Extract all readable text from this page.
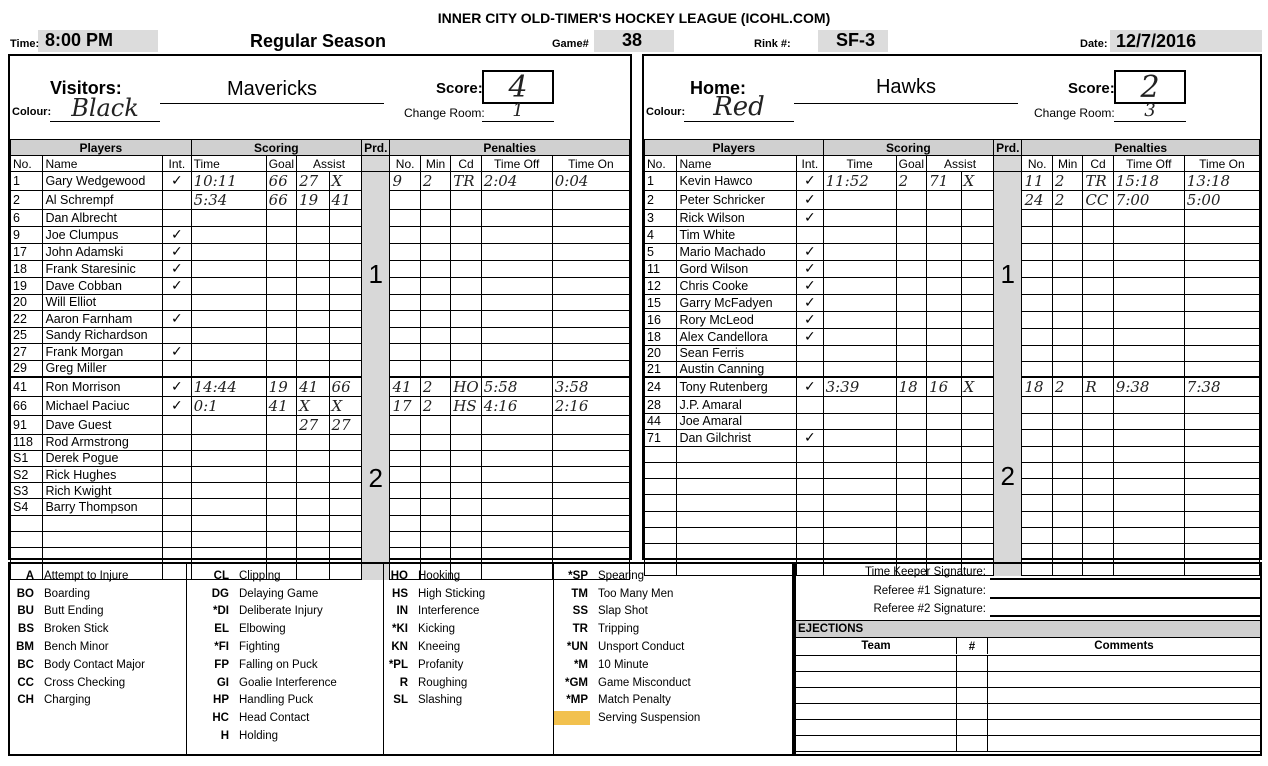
INNER CITY OLD-TIMER'S HOCKEY LEAGUE (ICOHL.COM)
Time: 8:00 PM	Regular Season	Game# 38	Rink #:	SF-3	Date: 12/7/2016
Visitors:	Mavericks	Score: 4
Colour: Black	Change Room:	1
Players			Scoring				Prd.	Penalties				
No.	Name	Int.	Time	Goal	Assist			No.	Min	Cd	Time Off	Time On
1	Gary Wedgewood	✓	10:11	66	27	X	1	9	2	TR	2:04	0:04
2	Al Schrempf		5:34	66	19	41						
6	Dan Albrecht											
9	Joe Clumpus	✓										
17	John Adamski	✓										
18	Frank Staresinic	✓										
19	Dave Cobban	✓										
20	Will Elliot											
22	Aaron Farnham	✓										
25	Sandy Richardson											
27	Frank Morgan	✓										
29	Greg Miller											
41	Ron Morrison	✓	14:44	19	41	66	2	41	2	HO	5:58	3:58
66	Michael Paciuc	✓	0:1	41	X	X		17	2	HS	4:16	2:16
91	Dave Guest				27	27						
118	Rod Armstrong											
S1	Derek Pogue											
S2	Rick Hughes											
S3	Rich Kwight											
S4	Barry Thompson											

Home:	Hawks	Score: 2
Colour:	Red	Change Room:	3
Players			Scoring				Prd.	Penalties				
No.	Name	Int.	Time	Goal	Assist			No.	Min	Cd	Time Off	Time On
1	Kevin Hawco	✓	11:52	2	71	X	1	11	2	TR	15:18	13:18
2	Peter Schricker	✓						24	2	CC	7:00	5:00
3	Rick Wilson	✓										
4	Tim White											
5	Mario Machado	✓										
11	Gord Wilson	✓										
12	Chris Cooke	✓										
15	Garry McFadyen	✓										
16	Rory McLeod	✓										
18	Alex Candellora	✓										
20	Sean Ferris											
21	Austin Canning											
24	Tony Rutenberg	✓	3:39	18	16	X	2	18	2	R	9:38	7:38
28	J.P. Amaral											
44	Joe Amaral											
71	Dan Gilchrist	✓										

A Attempt to Injure
BO Boarding
BU Butt Ending
BS Broken Stick
BM Bench Minor
BC Body Contact Major
CC Cross Checking
CH Charging
CL Clipping
DG Delaying Game
*DI Deliberate Injury
EL Elbowing
*FI Fighting
FP Falling on Puck
GI Goalie Interference
HP Handling Puck
HC Head Contact
H Holding
HO Hooking
HS High Sticking
IN Interference
*KI Kicking
KN Kneeing
*PL Profanity
R Roughing
SL Slashing
*SP Spearing
TM Too Many Men
SS Slap Shot
TR Tripping
*UN Unsport Conduct
*M 10 Minute
*GM Game Misconduct
*MP Match Penalty
Serving Suspension
Time Keeper Signature:
Referee #1 Signature:
Referee #2 Signature:
EJECTIONS
Team	#	Comments
